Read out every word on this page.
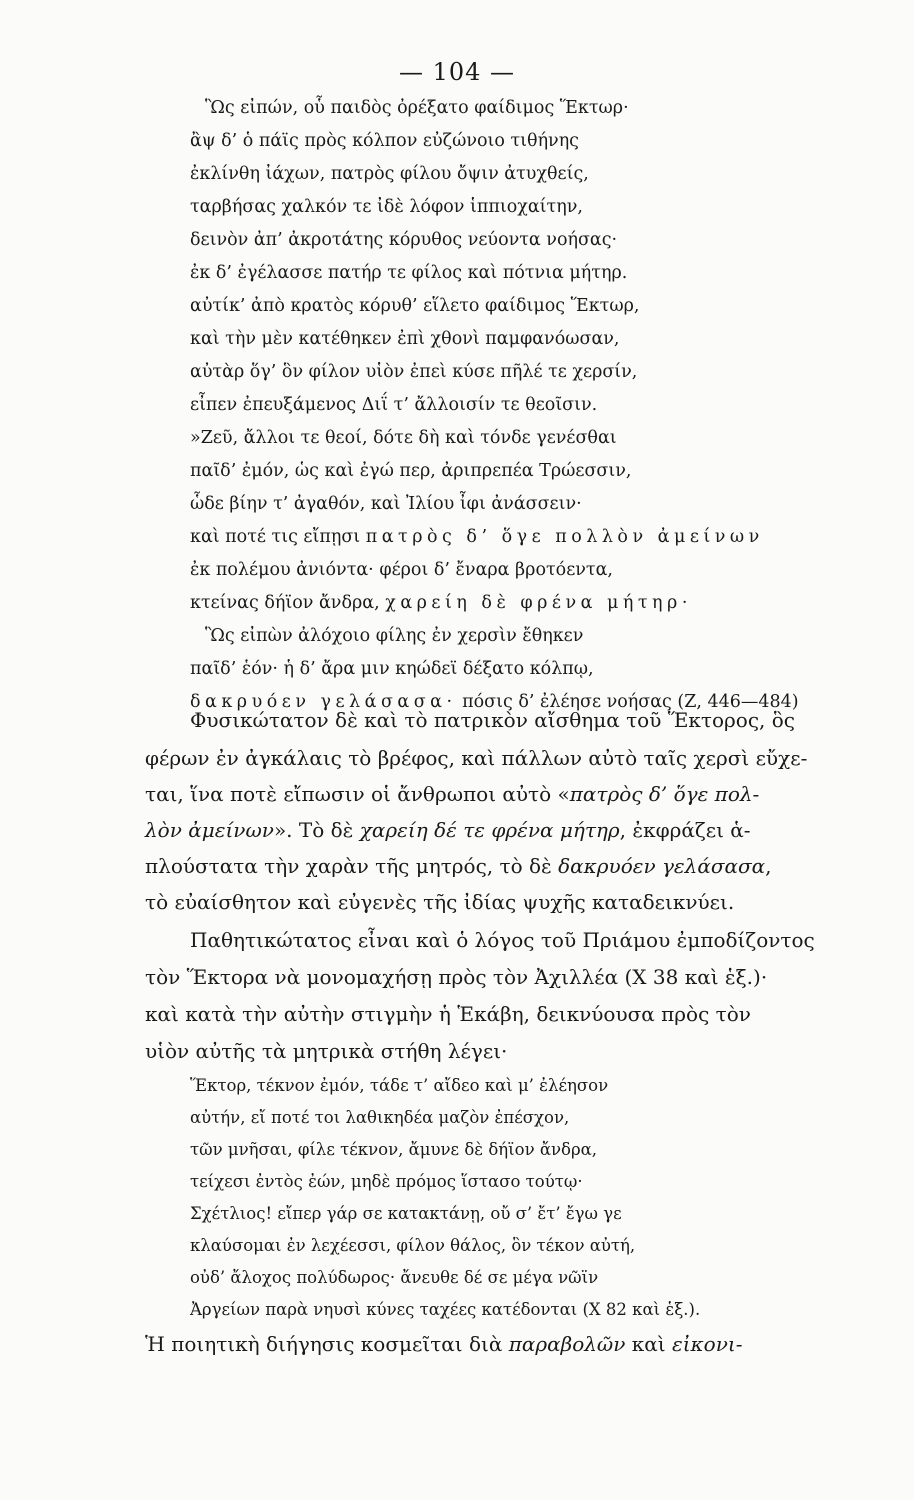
— 104 —
Ὣς εἰπών, οὗ παιδὸς ὀρέξατο φαίδιμος Ἕκτωρ·
ἂψ δ’ ὁ πάϊς πρὸς κόλπον εὐζώνοιο τιθήνης
ἐκλίνθη ἰάχων, πατρὸς φίλου ὄψιν ἀτυχθείς,
ταρβήσας χαλκόν τε ἰδὲ λόφον ἱππιοχαίτην,
δεινὸν ἀπ’ ἀκροτάτης κόρυθος νεύοντα νοήσας·
ἐκ δ’ ἐγέλασσε πατήρ τε φίλος καὶ πότνια μήτηρ.
αὐτίκ’ ἀπὸ κρατὸς κόρυθ’ εἵλετο φαίδιμος Ἕκτωρ,
καὶ τὴν μὲν κατέθηκεν ἐπὶ χθονὶ παμφανόωσαν,
αὐτὰρ ὅγ’ ὃν φίλον υἱὸν ἐπεὶ κύσε πῆλέ τε χερσίν,
εἶπεν ἐπευξάμενος Διΐ τ’ ἄλλοισίν τε θεοῖσιν.
»Ζεῦ, ἄλλοι τε θεοί, δότε δὴ καὶ τόνδε γενέσθαι
παῖδ’ ἐμόν, ὡς καὶ ἐγώ περ, ἀριπρεπέα Τρώεσσιν,
ὧδε βίην τ’ ἀγαθόν, καὶ Ἰλίου ἶφι ἀνάσσειν·
καὶ ποτέ τις εἴπῃσι πατρὸς δ’ ὅγε πολλὸν ἀμείνων
ἐκ πολέμου ἀνιόντα· φέροι δ’ ἔναρα βροτόεντα,
κτείνας δήϊον ἄνδρα, χαρείη δὲ φρένα μήτηρ·
Ὣς εἰπὼν ἀλόχοιο φίλης ἐν χερσὶν ἔθηκεν
παῖδ’ ἑόν· ἡ δ’ ἄρα μιν κηώδεϊ δέξατο κόλπῳ,
δακρυόεν γελάσασα· πόσις δ’ ἐλέησε νοήσας (Ζ, 446—484)
Φυσικώτατον δὲ καὶ τὸ πατρικὸν αἴσθημα τοῦ Ἕκτορος, ὃς
φέρων ἐν ἀγκάλαις τὸ βρέφος, καὶ πάλλων αὐτὸ ταῖς χερσὶ εὔχε-
ται, ἵνα ποτὲ εἴπωσιν οἱ ἄνθρωποι αὐτὸ «πατρὸς δ’ ὅγε πολ-
λὸν ἀμείνων». Τὸ δὲ χαρείη δέ τε φρένα μήτηρ, ἐκφράζει ἁ-
πλούστατα τὴν χαρὰν τῆς μητρός, τὸ δὲ δακρυόεν γελάσασα,
τὸ εὐαίσθητον καὶ εὐγενὲς τῆς ἰδίας ψυχῆς καταδεικνύει.
Παθητικώτατος εἶναι καὶ ὁ λόγος τοῦ Πριάμου ἐμποδίζοντος
τὸν Ἕκτορα νὰ μονομαχήσῃ πρὸς τὸν Ἀχιλλέα (Χ 38 καὶ ἑξ.)·
καὶ κατὰ τὴν αὐτὴν στιγμὴν ἡ Ἑκάβη, δεικνύουσα πρὸς τὸν
υἱὸν αὐτῆς τὰ μητρικὰ στήθη λέγει·
Ἕκτορ, τέκνον ἐμόν, τάδε τ’ αἴδεο καὶ μ’ ἐλέησον
αὐτήν, εἴ ποτέ τοι λαθικηδέα μαζὸν ἐπέσχον,
τῶν μνῆσαι, φίλε τέκνον, ἄμυνε δὲ δήϊον ἄνδρα,
τείχεσι ἐντὸς ἐών, μηδὲ πρόμος ἵστασο τούτῳ·
Σχέτλιος! εἴπερ γάρ σε κατακτάνῃ, οὔ σ’ ἔτ’ ἔγω γε
κλαύσομαι ἐν λεχέεσσι, φίλον θάλος, ὃν τέκον αὐτή,
οὐδ’ ἄλοχος πολύδωρος· ἄνευθε δέ σε μέγα νῶϊν
Ἀργείων παρὰ νηυσὶ κύνες ταχέες κατέδονται (Χ 82 καὶ ἑξ.).
Ἡ ποιητικὴ διήγησις κοσμεῖται διὰ παραβολῶν καὶ εἰκονι-
